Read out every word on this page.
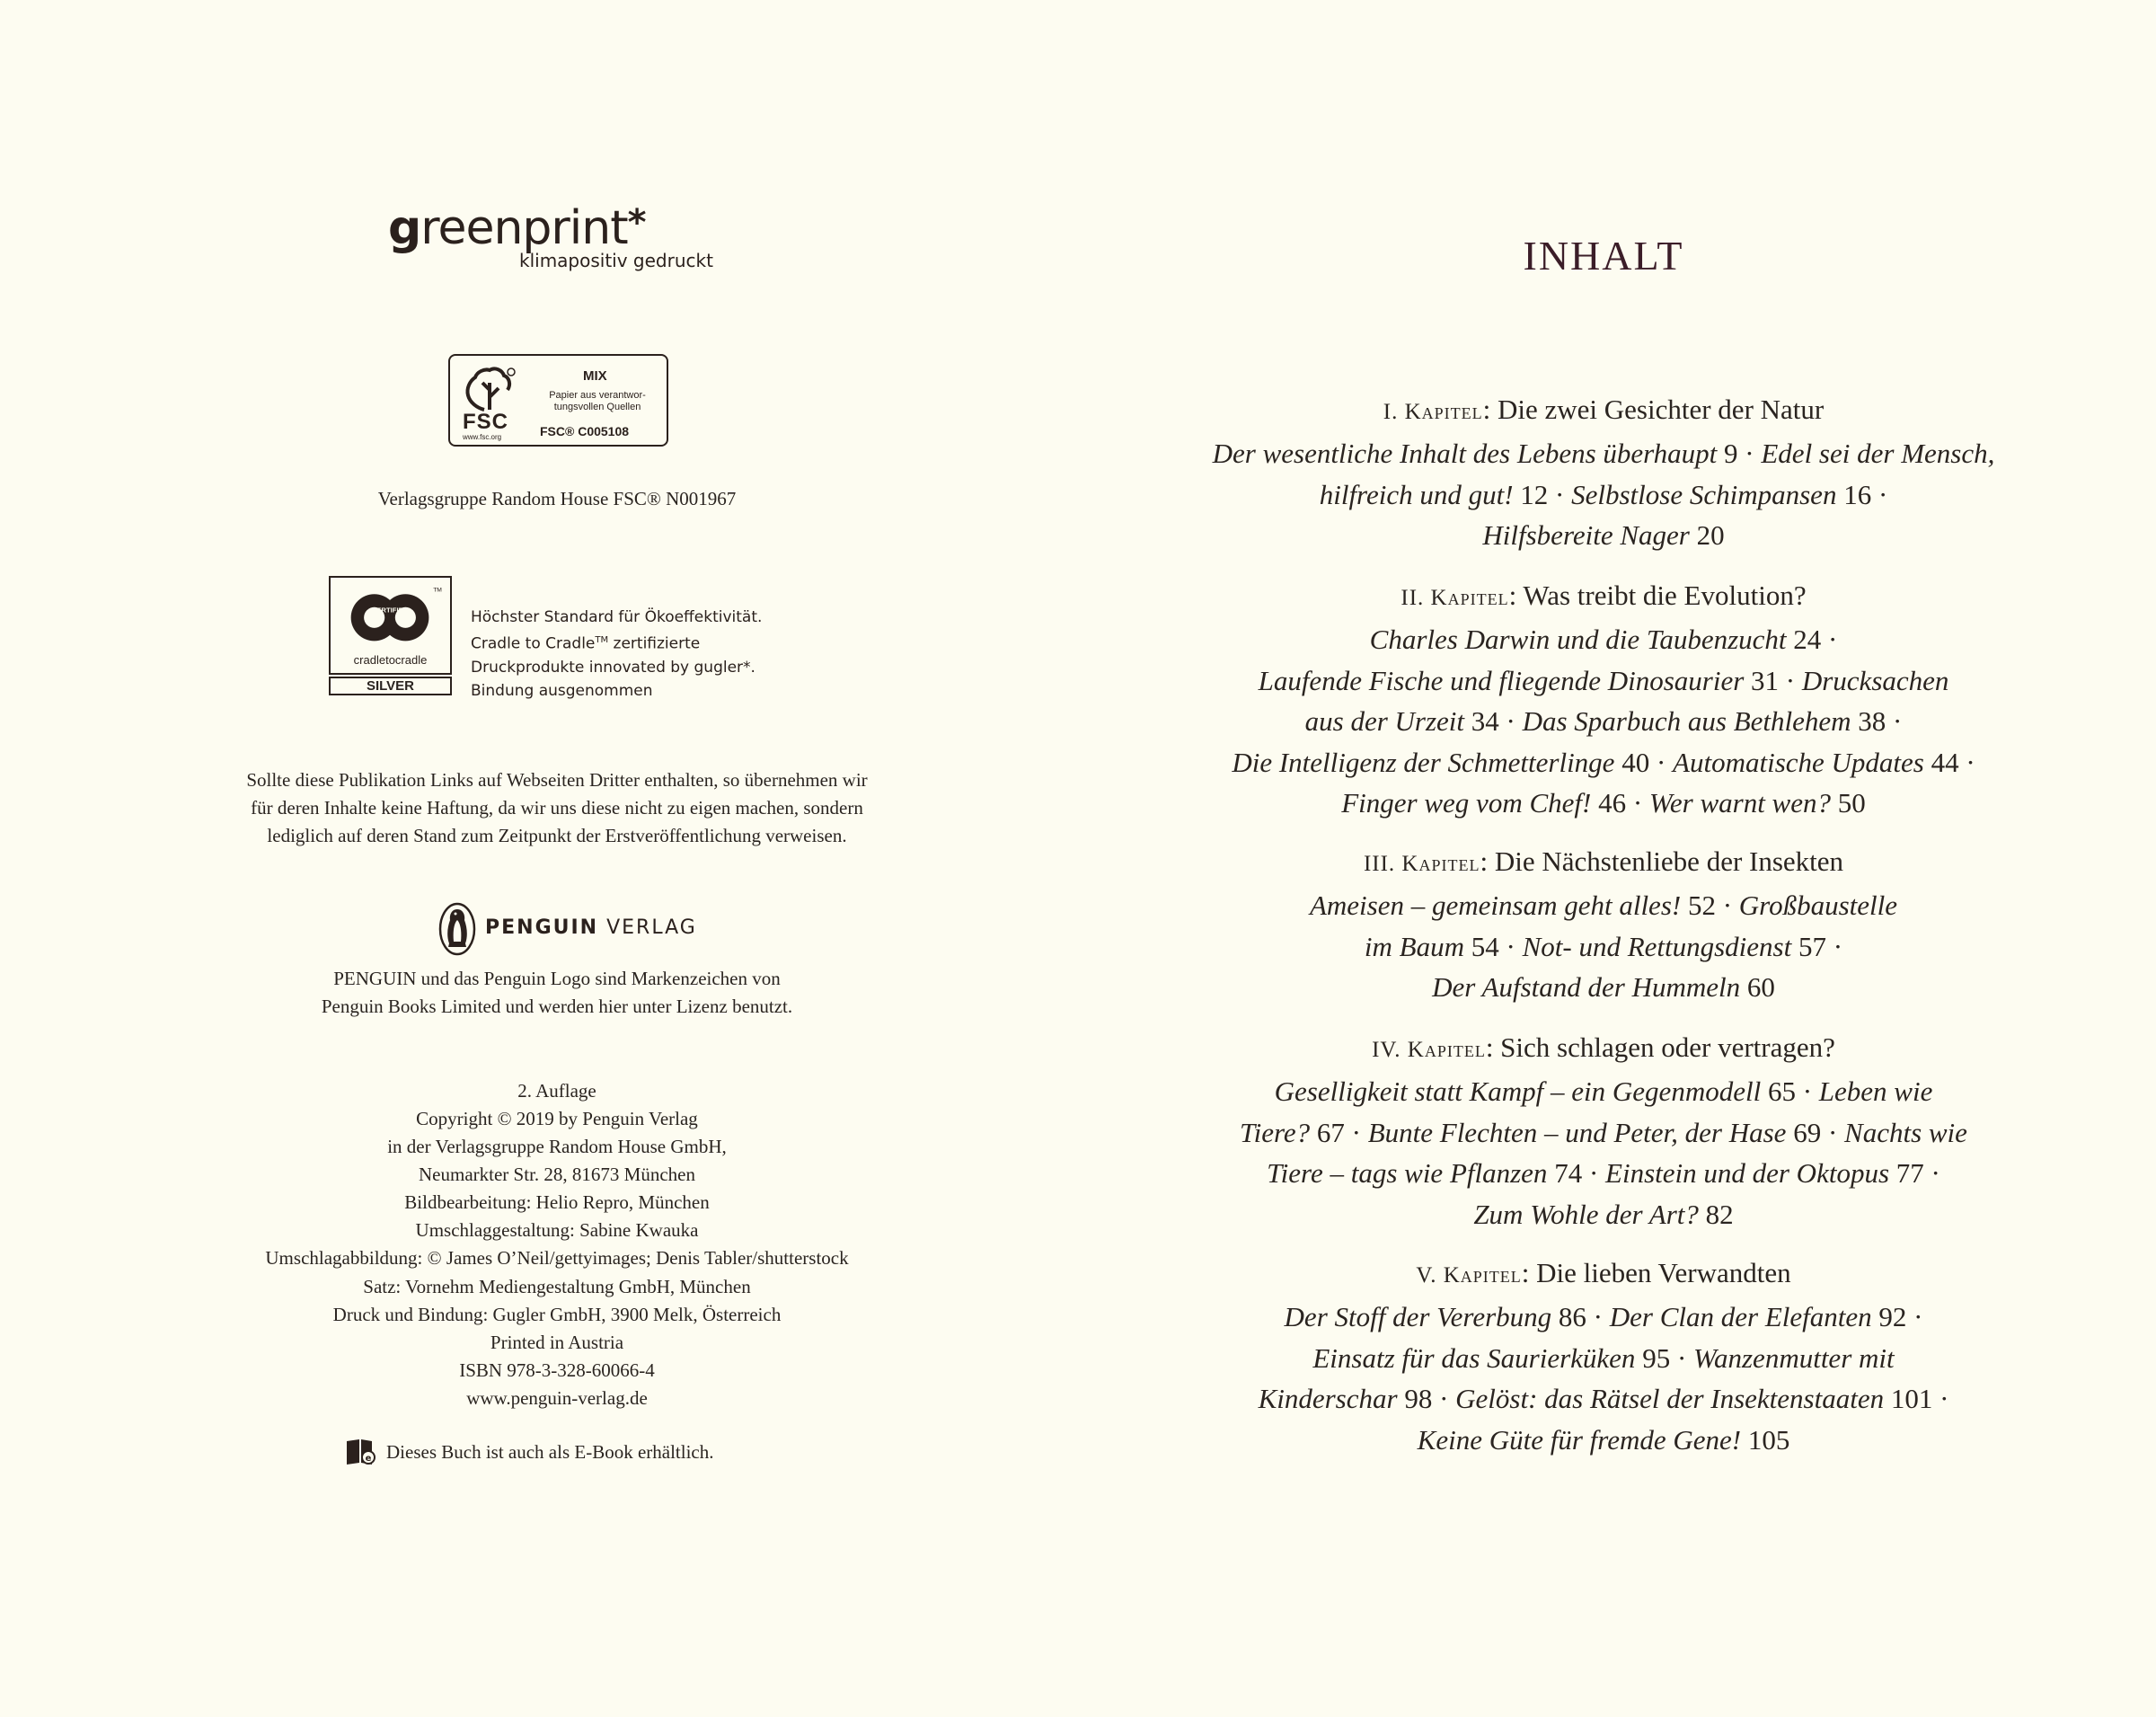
greenprint*
klimapositiv gedruckt
FSC
www.fsc.org
MIX
Papier aus verantwor-
tungsvollen Quellen
FSC® C005108
Verlagsgruppe Random House FSC® N001967
CERTIFIED
TM
cradletocradle
SILVER
Höchster Standard für Ökoeffektivität.
Cradle to Cradle™ zertifizierte
Druckprodukte innovated by gugler*.
Bindung ausgenommen
Sollte diese Publikation Links auf Webseiten Dritter enthalten, so übernehmen wir
für deren Inhalte keine Haftung, da wir uns diese nicht zu eigen machen, sondern
lediglich auf deren Stand zum Zeitpunkt der Erstveröffentlichung verweisen.
PENGUIN VERLAG
PENGUIN und das Penguin Logo sind Markenzeichen von
Penguin Books Limited und werden hier unter Lizenz benutzt.
2. Auflage
Copyright © 2019 by Penguin Verlag
in der Verlagsgruppe Random House GmbH,
Neumarkter Str. 28, 81673 München
Bildbearbeitung: Helio Repro, München
Umschlaggestaltung: Sabine Kwauka
Umschlagabbildung: © James O’Neil/gettyimages; Denis Tabler/shutterstock
Satz: Vornehm Mediengestaltung GmbH, München
Druck und Bindung: Gugler GmbH, 3900 Melk, Österreich
Printed in Austria
ISBN 978-3-328-60066-4
www.penguin-verlag.de
e Dieses Buch ist auch als E-Book erhältlich.
INHALT
I. Kapitel: Die zwei Gesichter der Natur
Der wesentliche Inhalt des Lebens überhaupt 9 · Edel sei der Mensch,
hilfreich und gut! 12 · Selbstlose Schimpansen 16 ·
Hilfsbereite Nager 20
II. Kapitel: Was treibt die Evolution?
Charles Darwin und die Taubenzucht 24 ·
Laufende Fische und fliegende Dinosaurier 31 · Drucksachen
aus der Urzeit 34 · Das Sparbuch aus Bethlehem 38 ·
Die Intelligenz der Schmetterlinge 40 · Automatische Updates 44 ·
Finger weg vom Chef! 46 · Wer warnt wen? 50
III. Kapitel: Die Nächstenliebe der Insekten
Ameisen – gemeinsam geht alles! 52 · Großbaustelle
im Baum 54 · Not- und Rettungsdienst 57 ·
Der Aufstand der Hummeln 60
IV. Kapitel: Sich schlagen oder vertragen?
Geselligkeit statt Kampf – ein Gegenmodell 65 · Leben wie
Tiere? 67 · Bunte Flechten – und Peter, der Hase 69 · Nachts wie
Tiere – tags wie Pflanzen 74 · Einstein und der Oktopus 77 ·
Zum Wohle der Art? 82
V. Kapitel: Die lieben Verwandten
Der Stoff der Vererbung 86 · Der Clan der Elefanten 92 ·
Einsatz für das Saurierküken 95 · Wanzenmutter mit
Kinderschar 98 · Gelöst: das Rätsel der Insektenstaaten 101 ·
Keine Güte für fremde Gene! 105
